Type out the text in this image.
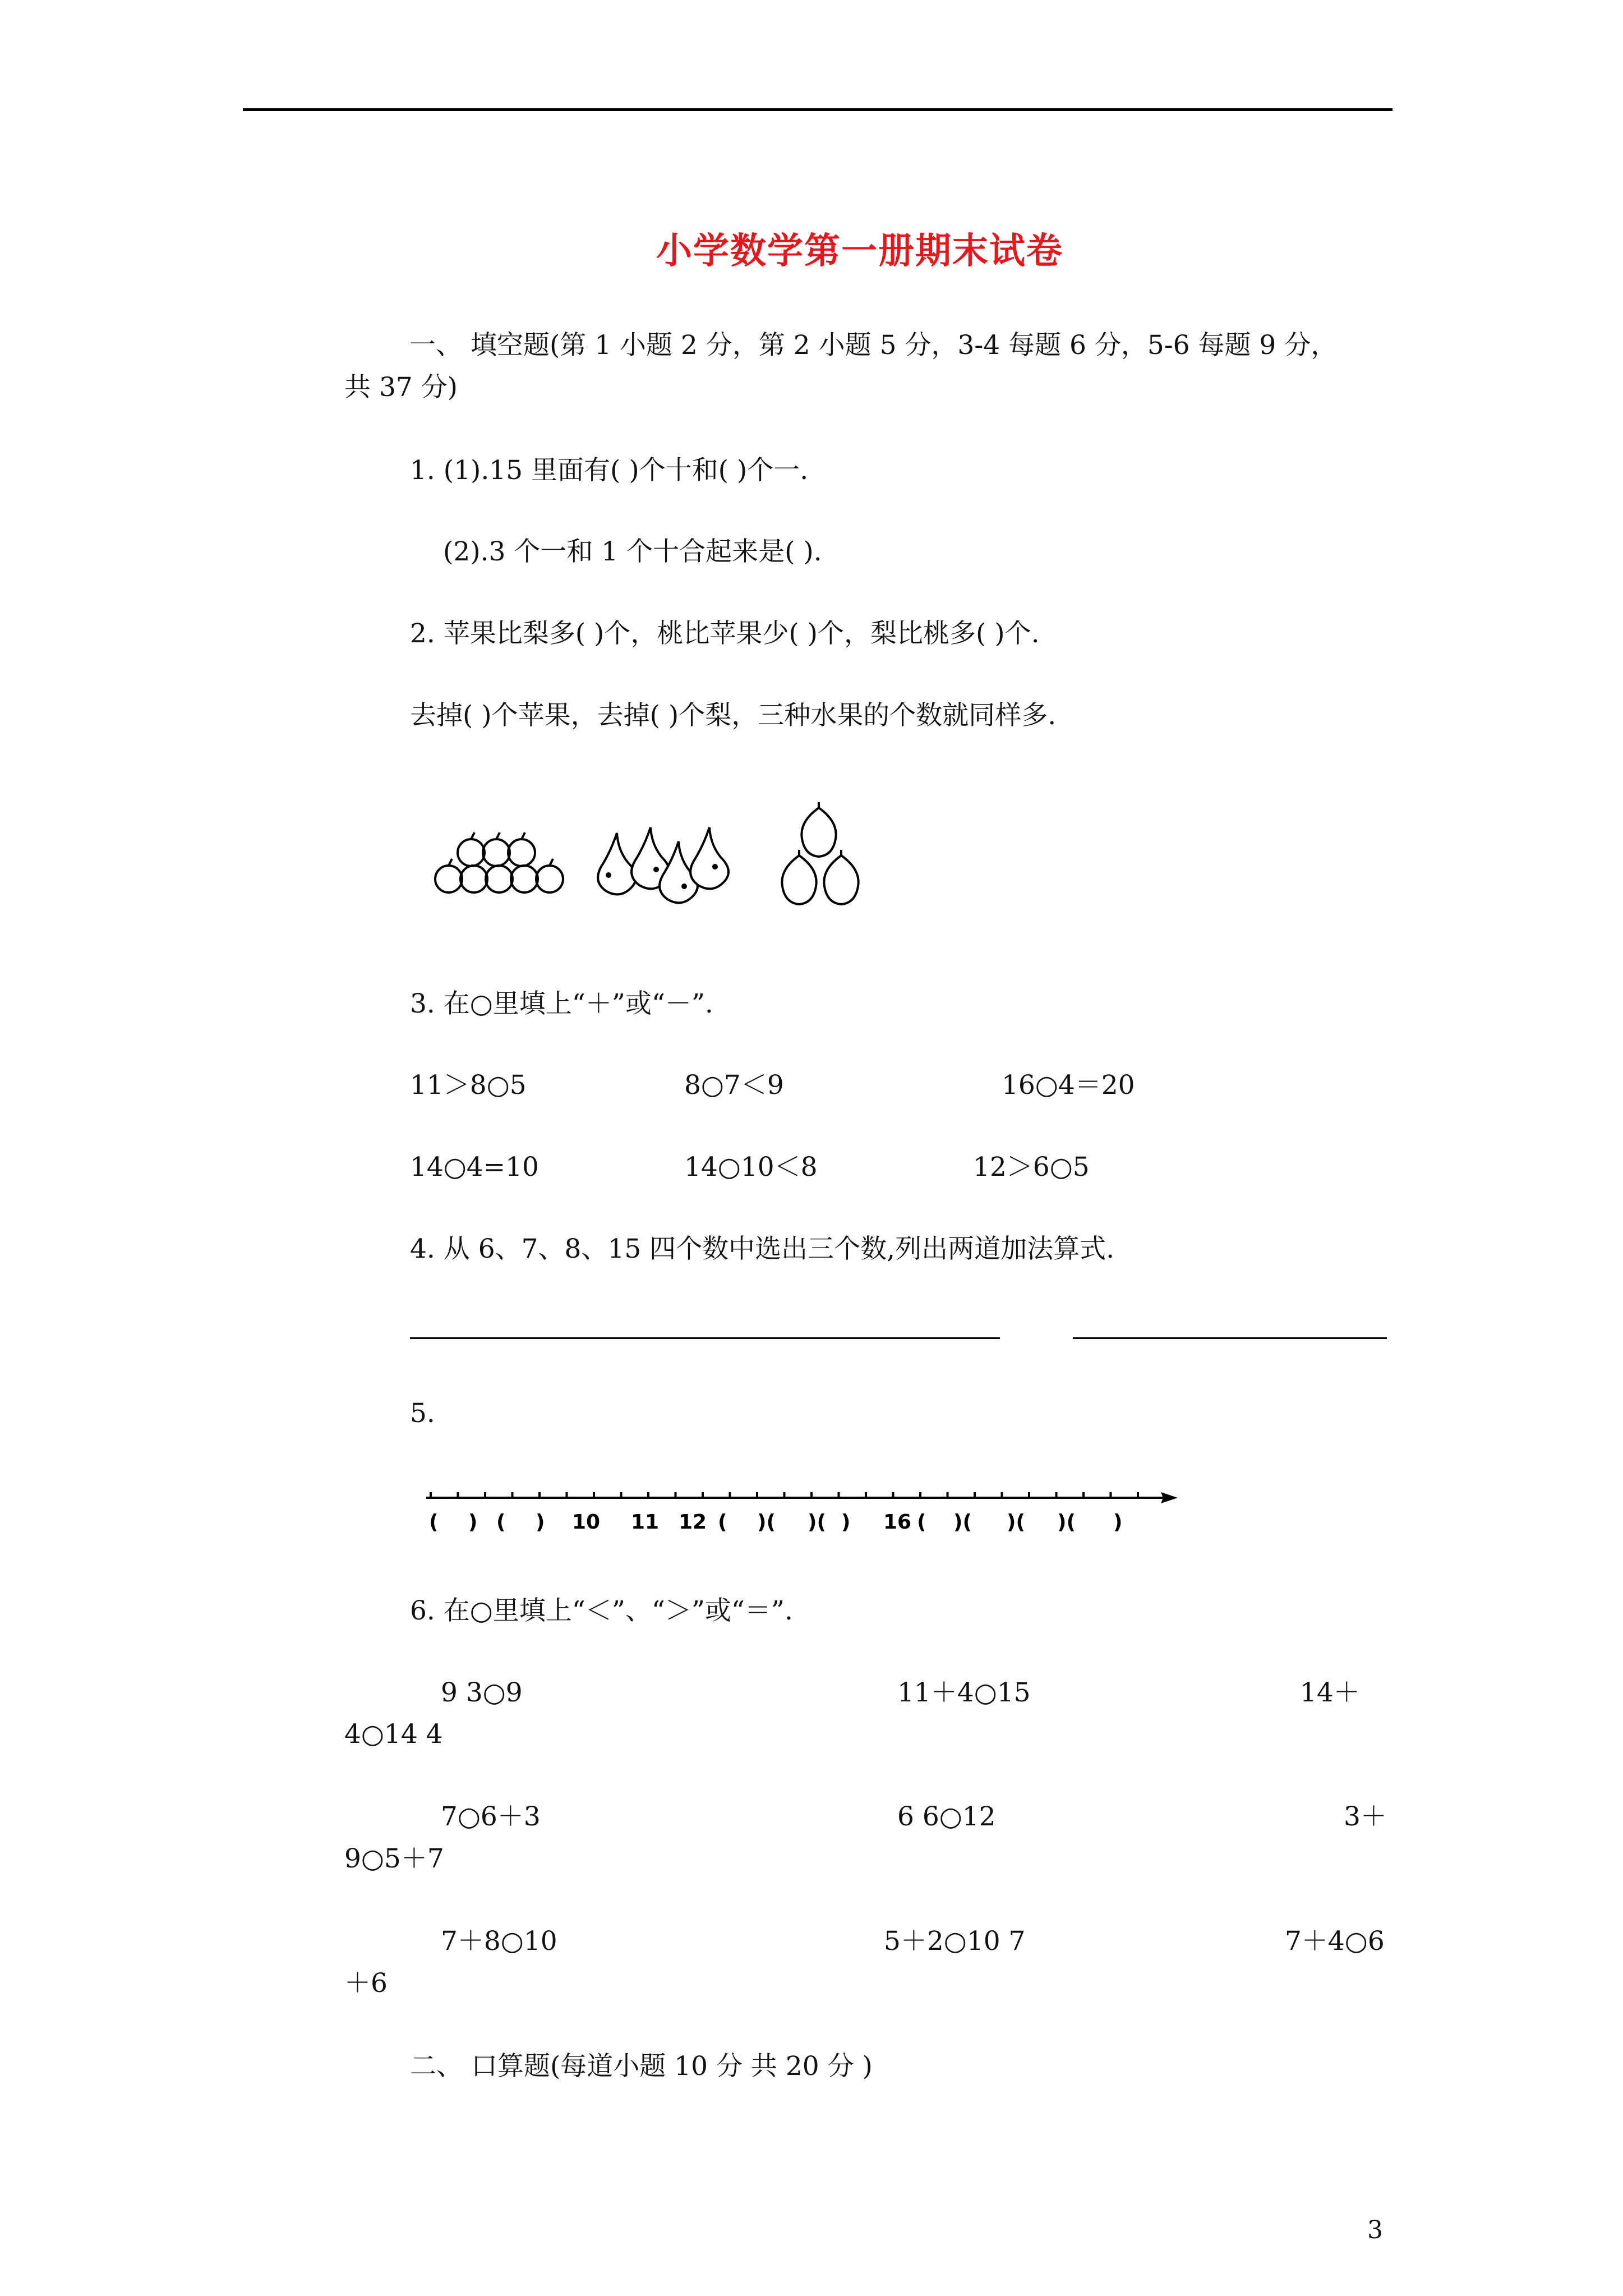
小学数学第一册期末试卷
一、 填空题(第 1 小题 2 分，第 2 小题 5 分，3-4 每题 6 分，5-6 每题 9 分，
共 37 分)
1. (1).15 里面有( )个十和( )个一.
(2).3 个一和 1 个十合起来是( ).
2. 苹果比梨多( )个，桃比苹果少( )个，梨比桃多( )个.
去掉( )个苹果，去掉( )个梨，三种水果的个数就同样多.
3. 在○里填上“＋”或“－”.
11＞8○5	8○7＜9	16○4＝20
14○4=10	14○10＜8	12＞6○5
4. 从 6、7、8、15 四个数中选出三个数,列出两道加法算式.
5.
( ) ( ) 10 11 12 ( )( )( ) 16 ( )( )( )( )
6. 在○里填上“＜”、“＞”或“＝”.
9 3○9	11＋4○15	14＋
4○14 4
7○6＋3	6 6○12	3＋
9○5＋7
7＋8○10	5＋2○10 7	7＋4○6
＋6
二、 口算题(每道小题 10 分 共 20 分 )
3
